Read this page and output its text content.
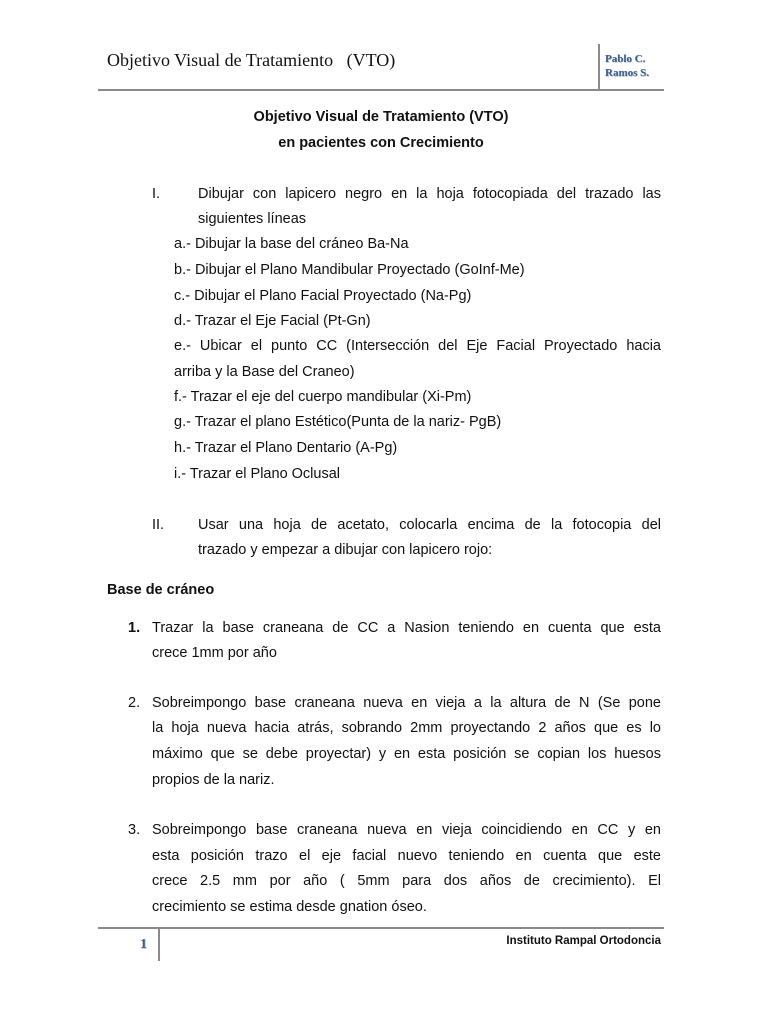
Objetivo Visual de Tratamiento   (VTO)	Pablo C.
Ramos S.
Objetivo Visual de Tratamiento (VTO)
en pacientes con Crecimiento
I.	Dibujar con lapicero negro en la hoja fotocopiada del trazado las
siguientes líneas
a.- Dibujar la base del cráneo Ba-Na
b.- Dibujar el Plano Mandibular Proyectado (GoInf-Me)
c.- Dibujar el Plano Facial Proyectado (Na-Pg)
d.- Trazar el Eje Facial (Pt-Gn)
e.- Ubicar el punto CC (Intersección del Eje Facial Proyectado hacia
arriba y la Base del Craneo)
f.- Trazar el eje del cuerpo mandibular (Xi-Pm)
g.- Trazar el plano Estético(Punta de la nariz- PgB)
h.- Trazar el Plano Dentario (A-Pg)
i.- Trazar el Plano Oclusal
II. Usar una hoja de acetato, colocarla encima de la fotocopia del
trazado y empezar a dibujar con lapicero rojo:
Base de cráneo
1. Trazar la base craneana de CC a Nasion teniendo en cuenta que esta
crece 1mm por año
2. Sobreimpongo base craneana nueva en vieja a la altura de N (Se pone
la hoja nueva hacia atrás, sobrando 2mm proyectando 2 años que es lo
máximo que se debe proyectar) y en esta posición se copian los huesos
propios de la nariz.
3. Sobreimpongo base craneana nueva en vieja coincidiendo en CC y en
esta posición trazo el eje facial nuevo teniendo en cuenta que este
crece 2.5 mm por año ( 5mm para dos años de crecimiento). El
crecimiento se estima desde gnation óseo.
1	Instituto Rampal Ortodoncia
